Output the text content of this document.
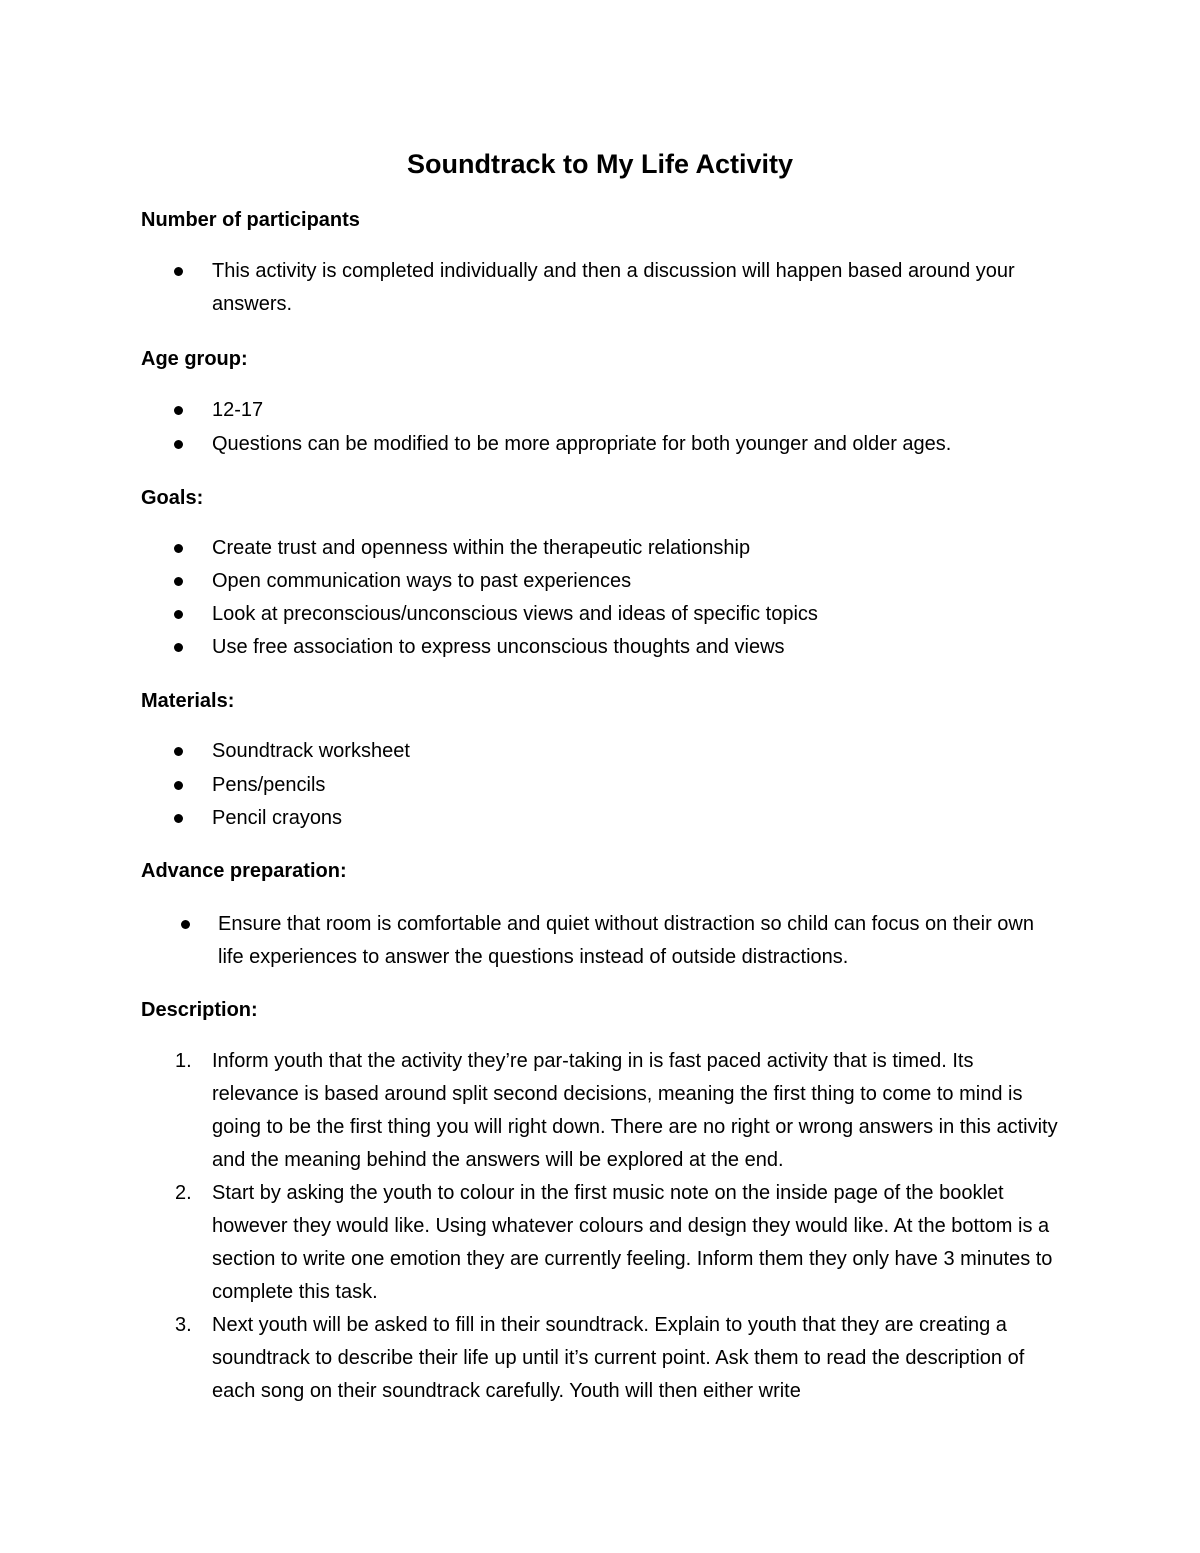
Soundtrack to My Life Activity
Number of participants
This activity is completed individually and then a discussion will happen based around your answers.
Age group:
12-17
Questions can be modified to be more appropriate for both younger and older ages.
Goals:
Create trust and openness within the therapeutic relationship
Open communication ways to past experiences
Look at preconscious/unconscious views and ideas of specific topics
Use free association to express unconscious thoughts and views
Materials:
Soundtrack worksheet
Pens/pencils
Pencil crayons
Advance preparation:
Ensure that room is comfortable and quiet without distraction so child can focus on their own life experiences to answer the questions instead of outside distractions.
Description:
1. Inform youth that the activity they’re par-taking in is fast paced activity that is timed. Its relevance is based around split second decisions, meaning the first thing to come to mind is going to be the first thing you will right down. There are no right or wrong answers in this activity and the meaning behind the answers will be explored at the end.
2. Start by asking the youth to colour in the first music note on the inside page of the booklet however they would like. Using whatever colours and design they would like. At the bottom is a section to write one emotion they are currently feeling. Inform them they only have 3 minutes to complete this task.
3. Next youth will be asked to fill in their soundtrack. Explain to youth that they are creating a soundtrack to describe their life up until it’s current point. Ask them to read the description of each song on their soundtrack carefully. Youth will then either write
